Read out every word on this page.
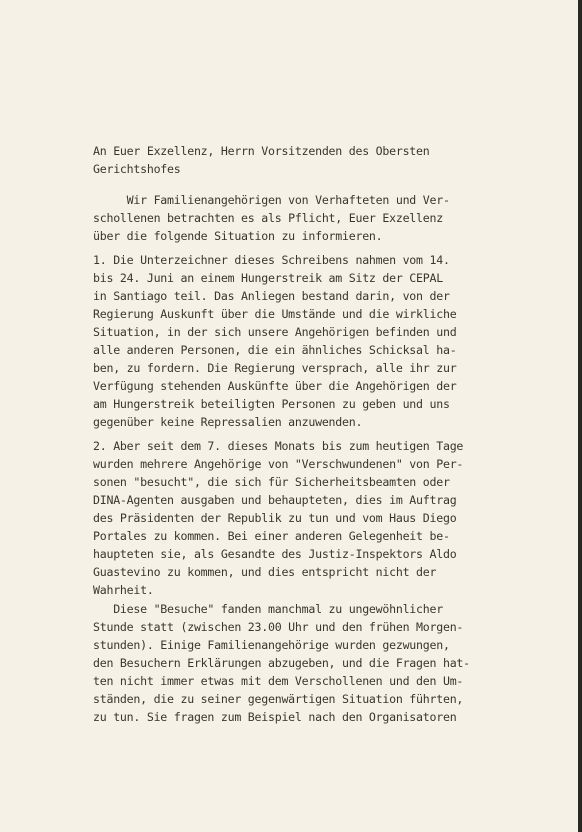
An Euer Exzellenz, Herrn Vorsitzenden des Obersten
Gerichtshofes
Wir Familienangehörigen von Verhafteten und Ver-
schollenen betrachten es als Pflicht, Euer Exzellenz
über die folgende Situation zu informieren.
1. Die Unterzeichner dieses Schreibens nahmen vom 14.
bis 24. Juni an einem Hungerstreik am Sitz der CEPAL
in Santiago teil. Das Anliegen bestand darin, von der
Regierung Auskunft über die Umstände und die wirkliche
Situation, in der sich unsere Angehörigen befinden und
alle anderen Personen, die ein ähnliches Schicksal ha-
ben, zu fordern. Die Regierung versprach, alle ihr zur
Verfügung stehenden Auskünfte über die Angehörigen der
am Hungerstreik beteiligten Personen zu geben und uns
gegenüber keine Repressalien anzuwenden.
2. Aber seit dem 7. dieses Monats bis zum heutigen Tage
wurden mehrere Angehörige von "Verschwundenen" von Per-
sonen "besucht", die sich für Sicherheitsbeamten oder
DINA-Agenten ausgaben und behaupteten, dies im Auftrag
des Präsidenten der Republik zu tun und vom Haus Diego
Portales zu kommen. Bei einer anderen Gelegenheit be-
haupteten sie, als Gesandte des Justiz-Inspektors Aldo
Guastevino zu kommen, und dies entspricht nicht der
Wahrheit.
Diese "Besuche" fanden manchmal zu ungewöhnlicher
Stunde statt (zwischen 23.00 Uhr und den frühen Morgen-
stunden). Einige Familienangehörige wurden gezwungen,
den Besuchern Erklärungen abzugeben, und die Fragen hat-
ten nicht immer etwas mit dem Verschollenen und den Um-
ständen, die zu seiner gegenwärtigen Situation führten,
zu tun. Sie fragen zum Beispiel nach den Organisatoren
